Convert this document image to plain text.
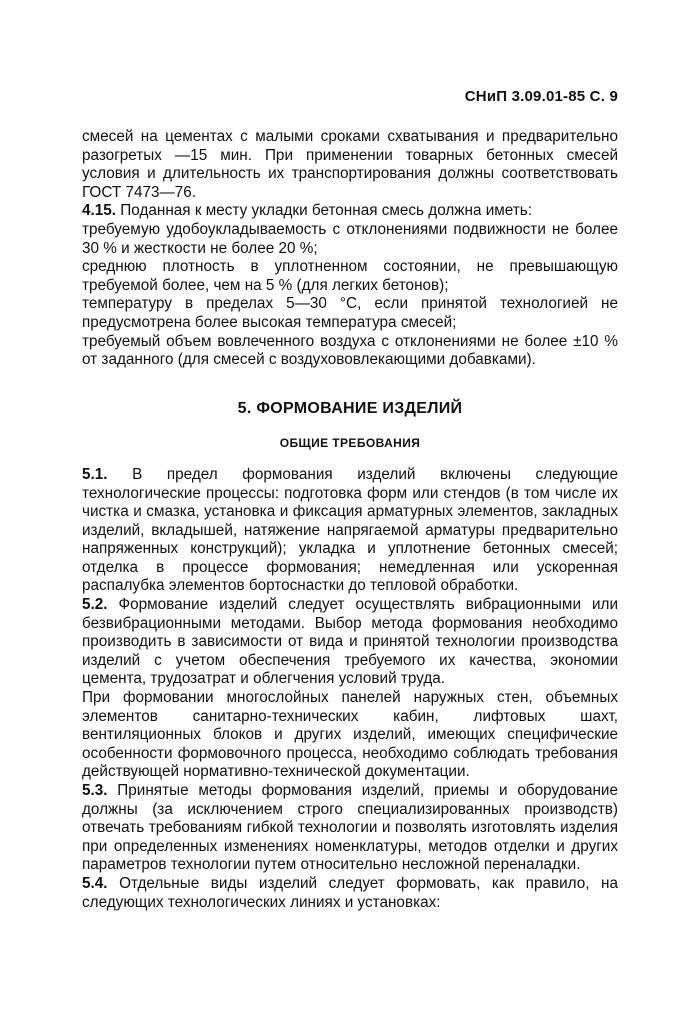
СНиП 3.09.01-85 С. 9

смесей на цементах с малыми сроками схватывания и предварительно разогретых —15 мин. При применении товарных бетонных смесей условия и длительность их транспортирования должны соответствовать ГОСТ 7473—76.

4.15. Поданная к месту укладки бетонная смесь должна иметь:

требуемую удобоукладываемость с отклонениями подвижности не более 30 % и жесткости не более 20 %;

среднюю плотность в уплотненном состоянии, не превышающую требуемой более, чем на 5 % (для легких бетонов);

температуру в пределах 5—30 °С, если принятой технологией не предусмотрена более высокая температура смесей;

требуемый объем вовлеченного воздуха с отклонениями не более ±10 % от заданного (для смесей с воздухововлекающими добавками).

5. ФОРМОВАНИЕ ИЗДЕЛИЙ
ОБЩИЕ ТРЕБОВАНИЯ

5.1. В предел формования изделий включены следующие технологические процессы: подготовка форм или стендов (в том числе их чистка и смазка, установка и фиксация арматурных элементов, закладных изделий, вкладышей, натяжение напрягаемой арматуры предварительно напряженных конструкций); укладка и уплотнение бетонных смесей; отделка в процессе формования; немедленная или ускоренная распалубка элементов бортоснастки до тепловой обработки.

5.2. Формование изделий следует осуществлять вибрационными или безвибрационными методами. Выбор метода формования необходимо производить в зависимости от вида и принятой технологии производства изделий с учетом обеспечения требуемого их качества, экономии цемента, трудозатрат и облегчения условий труда.

При формовании многослойных панелей наружных стен, объемных элементов санитарно-технических кабин, лифтовых шахт, вентиляционных блоков и других изделий, имеющих специфические особенности формовочного процесса, необходимо соблюдать требования действующей нормативно-технической документации.

5.3. Принятые методы формования изделий, приемы и оборудование должны (за исключением строго специализированных производств) отвечать требованиям гибкой технологии и позволять изготовлять изделия при определенных изменениях номенклатуры, методов отделки и других параметров технологии путем относительно несложной переналадки.

5.4. Отдельные виды изделий следует формовать, как правило, на следующих технологических линиях и установках:
